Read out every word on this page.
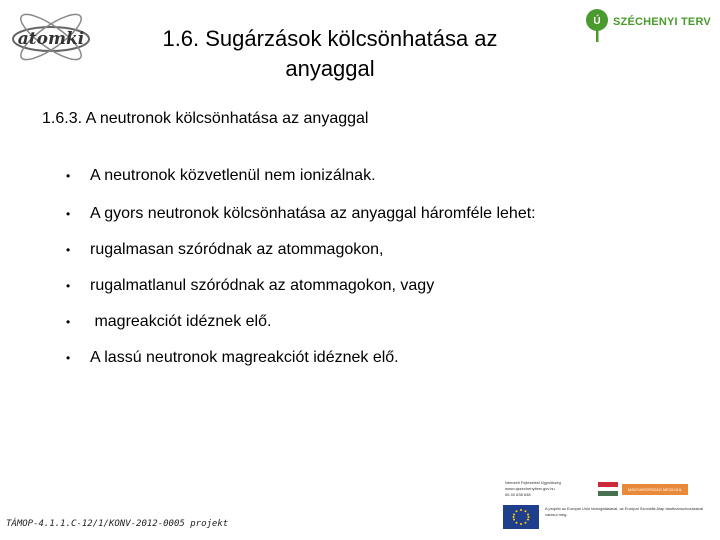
atomki
Ú SZÉCHENYI TERV
1.6. Sugárzások kölcsönhatása az anyaggal
1.6.3. A neutronok kölcsönhatása az anyaggal
• A neutronok közvetlenül nem ionizálnak.
• A gyors neutronok kölcsönhatása az anyaggal háromféle lehet:
• rugalmasan szóródnak az atommagokon,
• rugalmatlanul szóródnak az atommagokon, vagy
• magreakciót idéznek elő.
• A lassú neutronok magreakciót idéznek elő.
TÁMOP-4.1.1.C-12/1/KONV-2012-0005 projekt
Nemzeti Fejlesztési Ügynökség
www.ujszechenyiterv.gov.hu
06 40 638 638
MAGYARORSZÁG MEGÚJUL
A projekt az Európai Unió támogatásával, az Európai Szociális Alap társfinanszírozásával valósul meg.
